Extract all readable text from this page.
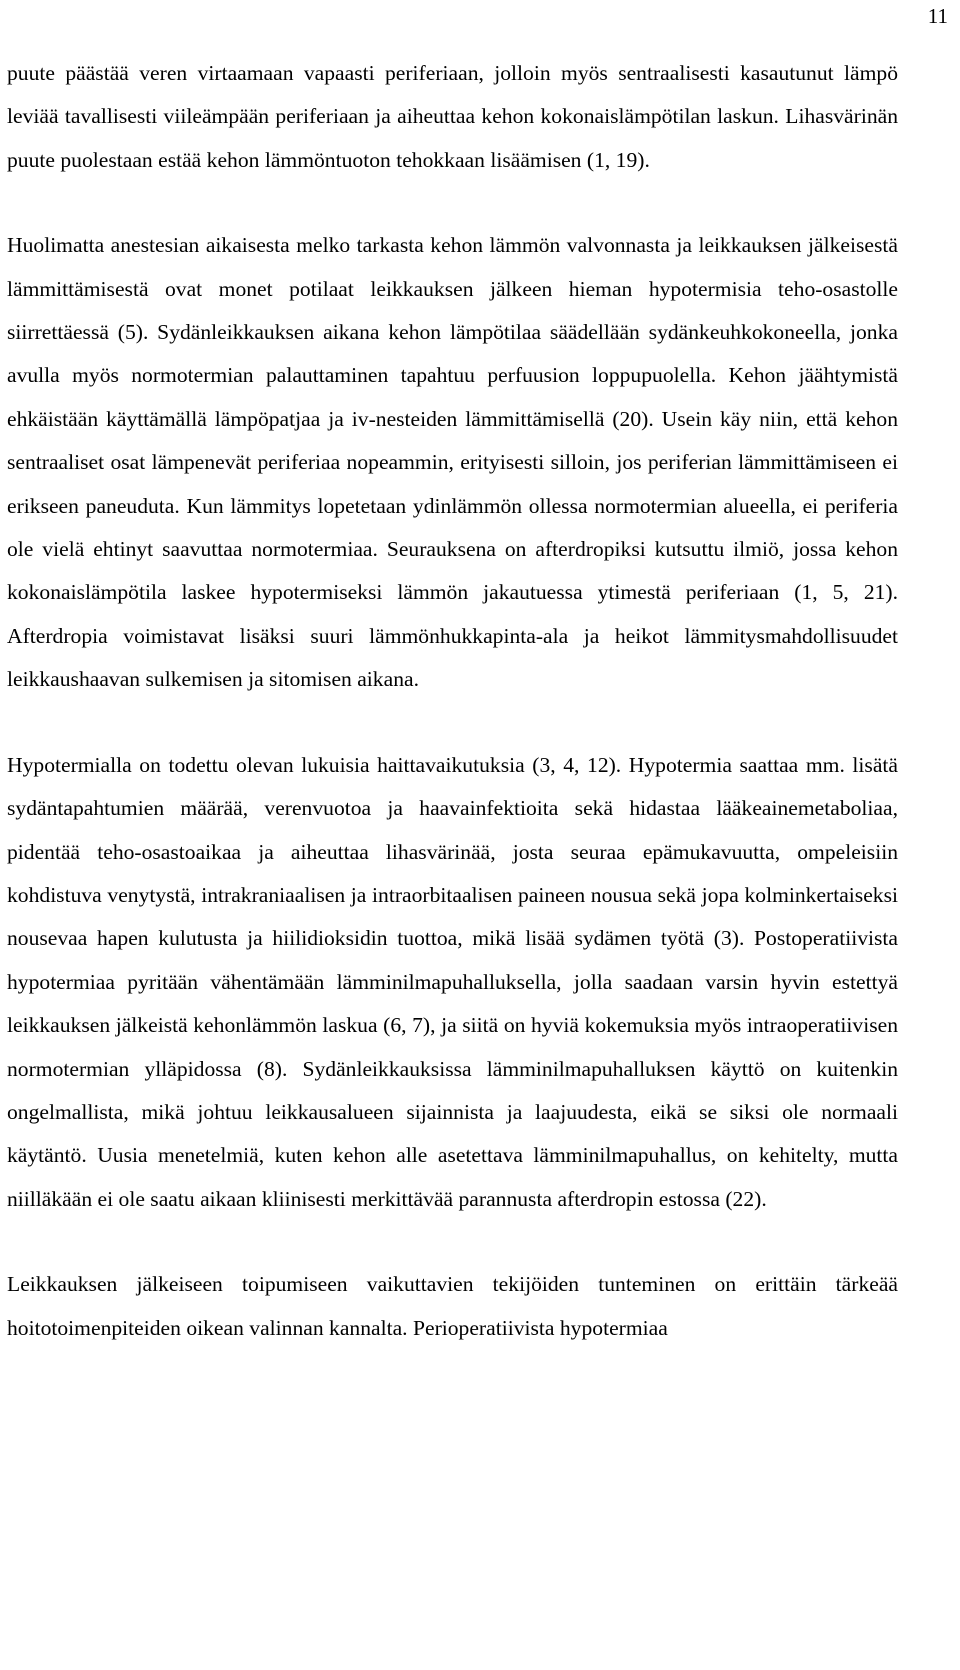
11

puute päästää veren virtaamaan vapaasti periferiaan, jolloin myös sentraalisesti kasautunut lämpö leviää tavallisesti viileämpään periferiaan ja aiheuttaa kehon kokonaislämpötilan laskun. Lihasvärinän puute puolestaan estää kehon lämmöntuoton tehokkaan lisäämisen (1, 19).

Huolimatta anestesian aikaisesta melko tarkasta kehon lämmön valvonnasta ja leikkauksen jälkeisestä lämmittämisestä ovat monet potilaat leikkauksen jälkeen hieman hypotermisia teho-osastolle siirrettäessä (5). Sydänleikkauksen aikana kehon lämpötilaa säädellään sydänkeuhkokoneella, jonka avulla myös normotermian palauttaminen tapahtuu perfuusion loppupuolella. Kehon jäähtymistä ehkäistään käyttämällä lämpöpatjaa ja iv-nesteiden lämmittämisellä (20). Usein käy niin, että kehon sentraaliset osat lämpenevät periferiaa nopeammin, erityisesti silloin, jos periferian lämmittämiseen ei erikseen paneuduta. Kun lämmitys lopetetaan ydinlämmön ollessa normotermian alueella, ei periferia ole vielä ehtinyt saavuttaa normotermiaa. Seurauksena on afterdropiksi kutsuttu ilmiö, jossa kehon kokonaislämpötila laskee hypotermiseksi lämmön jakautuessa ytimestä periferiaan (1, 5, 21). Afterdropia voimistavat lisäksi suuri lämmönhukkapinta-ala ja heikot lämmitysmahdollisuudet leikkaushaavan sulkemisen ja sitomisen aikana.

Hypotermialla on todettu olevan lukuisia haittavaikutuksia (3, 4, 12). Hypotermia saattaa mm. lisätä sydäntapahtumien määrää, verenvuotoa ja haavainfektioita sekä hidastaa lääkeainemetaboliaa, pidentää teho-osastoaikaa ja aiheuttaa lihasvärinää, josta seuraa epämukavuutta, ompeleisiin kohdistuva venytystä, intrakraniaalisen ja intraorbitaalisen paineen nousua sekä jopa kolminkertaiseksi nousevaa hapen kulutusta ja hiilidioksidin tuottoa, mikä lisää sydämen työtä (3). Postoperatiivista hypotermiaa pyritään vähentämään lämminilmapuhalluksella, jolla saadaan varsin hyvin estettyä leikkauksen jälkeistä kehonlämmön laskua (6, 7), ja siitä on hyviä kokemuksia myös intraoperatiivisen normotermian ylläpidossa (8). Sydänleikkauksissa lämminilmapuhalluksen käyttö on kuitenkin ongelmallista, mikä johtuu leikkausalueen sijainnista ja laajuudesta, eikä se siksi ole normaali käytäntö. Uusia menetelmiä, kuten kehon alle asetettava lämminilmapuhallus, on kehitelty, mutta niilläkään ei ole saatu aikaan kliinisesti merkittävää parannusta afterdropin estossa (22).

Leikkauksen jälkeiseen toipumiseen vaikuttavien tekijöiden tunteminen on erittäin tärkeää hoitotoimenpiteiden oikean valinnan kannalta. Perioperatiivista hypotermiaa
